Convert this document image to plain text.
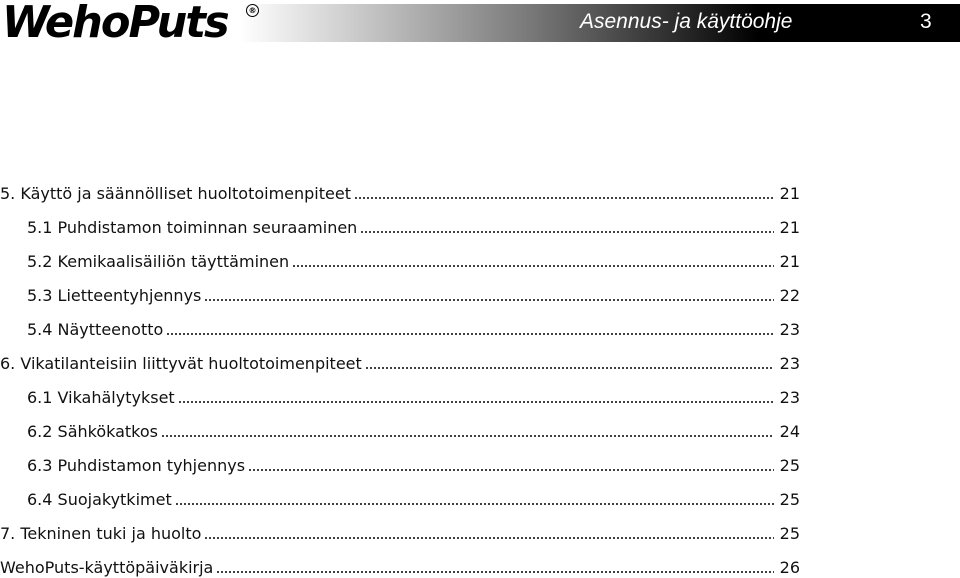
WehoPuts	®	Asennus- ja käyttöohje	3
5. Käyttö ja säännölliset huoltotoimenpiteet	21
5.1 Puhdistamon toiminnan seuraaminen	21
5.2 Kemikaalisäiliön täyttäminen	21
5.3 Lietteentyhjennys	22
5.4 Näytteenotto	23
6. Vikatilanteisiin liittyvät huoltotoimenpiteet	23
6.1 Vikahälytykset	23
6.2 Sähkökatkos	24
6.3 Puhdistamon tyhjennys	25
6.4 Suojakytkimet	25
7. Tekninen tuki ja huolto	25
WehoPuts-käyttöpäiväkirja	26
